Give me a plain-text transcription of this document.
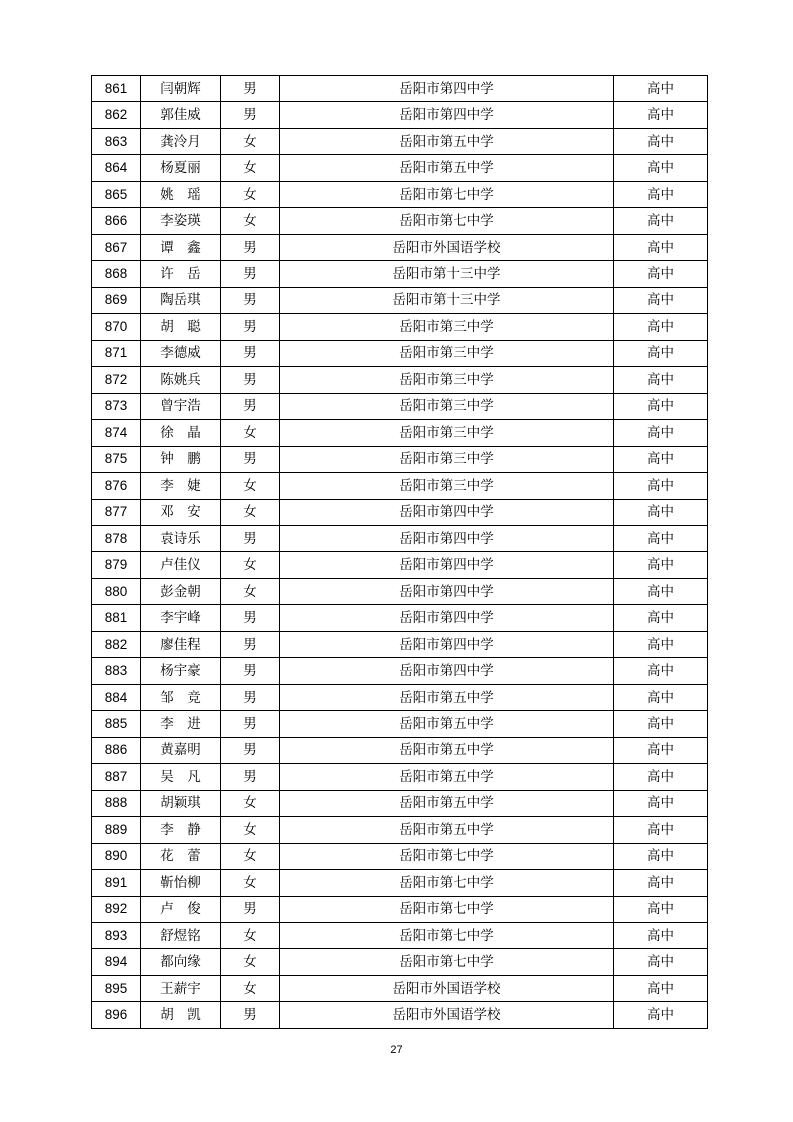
861	闫朝辉	男	岳阳市第四中学	高中
862	郭佳威	男	岳阳市第四中学	高中
863	龚泠月	女	岳阳市第五中学	高中
864	杨夏丽	女	岳阳市第五中学	高中
865	姚　瑶	女	岳阳市第七中学	高中
866	李姿瑛	女	岳阳市第七中学	高中
867	谭　鑫	男	岳阳市外国语学校	高中
868	许　岳	男	岳阳市第十三中学	高中
869	陶岳琪	男	岳阳市第十三中学	高中
870	胡　聪	男	岳阳市第三中学	高中
871	李德威	男	岳阳市第三中学	高中
872	陈姚兵	男	岳阳市第三中学	高中
873	曾宇浩	男	岳阳市第三中学	高中
874	徐　晶	女	岳阳市第三中学	高中
875	钟　鹏	男	岳阳市第三中学	高中
876	李　婕	女	岳阳市第三中学	高中
877	邓　安	女	岳阳市第四中学	高中
878	袁诗乐	男	岳阳市第四中学	高中
879	卢佳仪	女	岳阳市第四中学	高中
880	彭金朝	女	岳阳市第四中学	高中
881	李宇峰	男	岳阳市第四中学	高中
882	廖佳程	男	岳阳市第四中学	高中
883	杨宇豪	男	岳阳市第四中学	高中
884	邹　竞	男	岳阳市第五中学	高中
885	李　进	男	岳阳市第五中学	高中
886	黄嘉明	男	岳阳市第五中学	高中
887	吴　凡	男	岳阳市第五中学	高中
888	胡颖琪	女	岳阳市第五中学	高中
889	李　静	女	岳阳市第五中学	高中
890	花　蕾	女	岳阳市第七中学	高中
891	靳怡柳	女	岳阳市第七中学	高中
892	卢　俊	男	岳阳市第七中学	高中
893	舒煜铭	女	岳阳市第七中学	高中
894	都向缘	女	岳阳市第七中学	高中
895	王薪宇	女	岳阳市外国语学校	高中
896	胡　凯	男	岳阳市外国语学校	高中
27
